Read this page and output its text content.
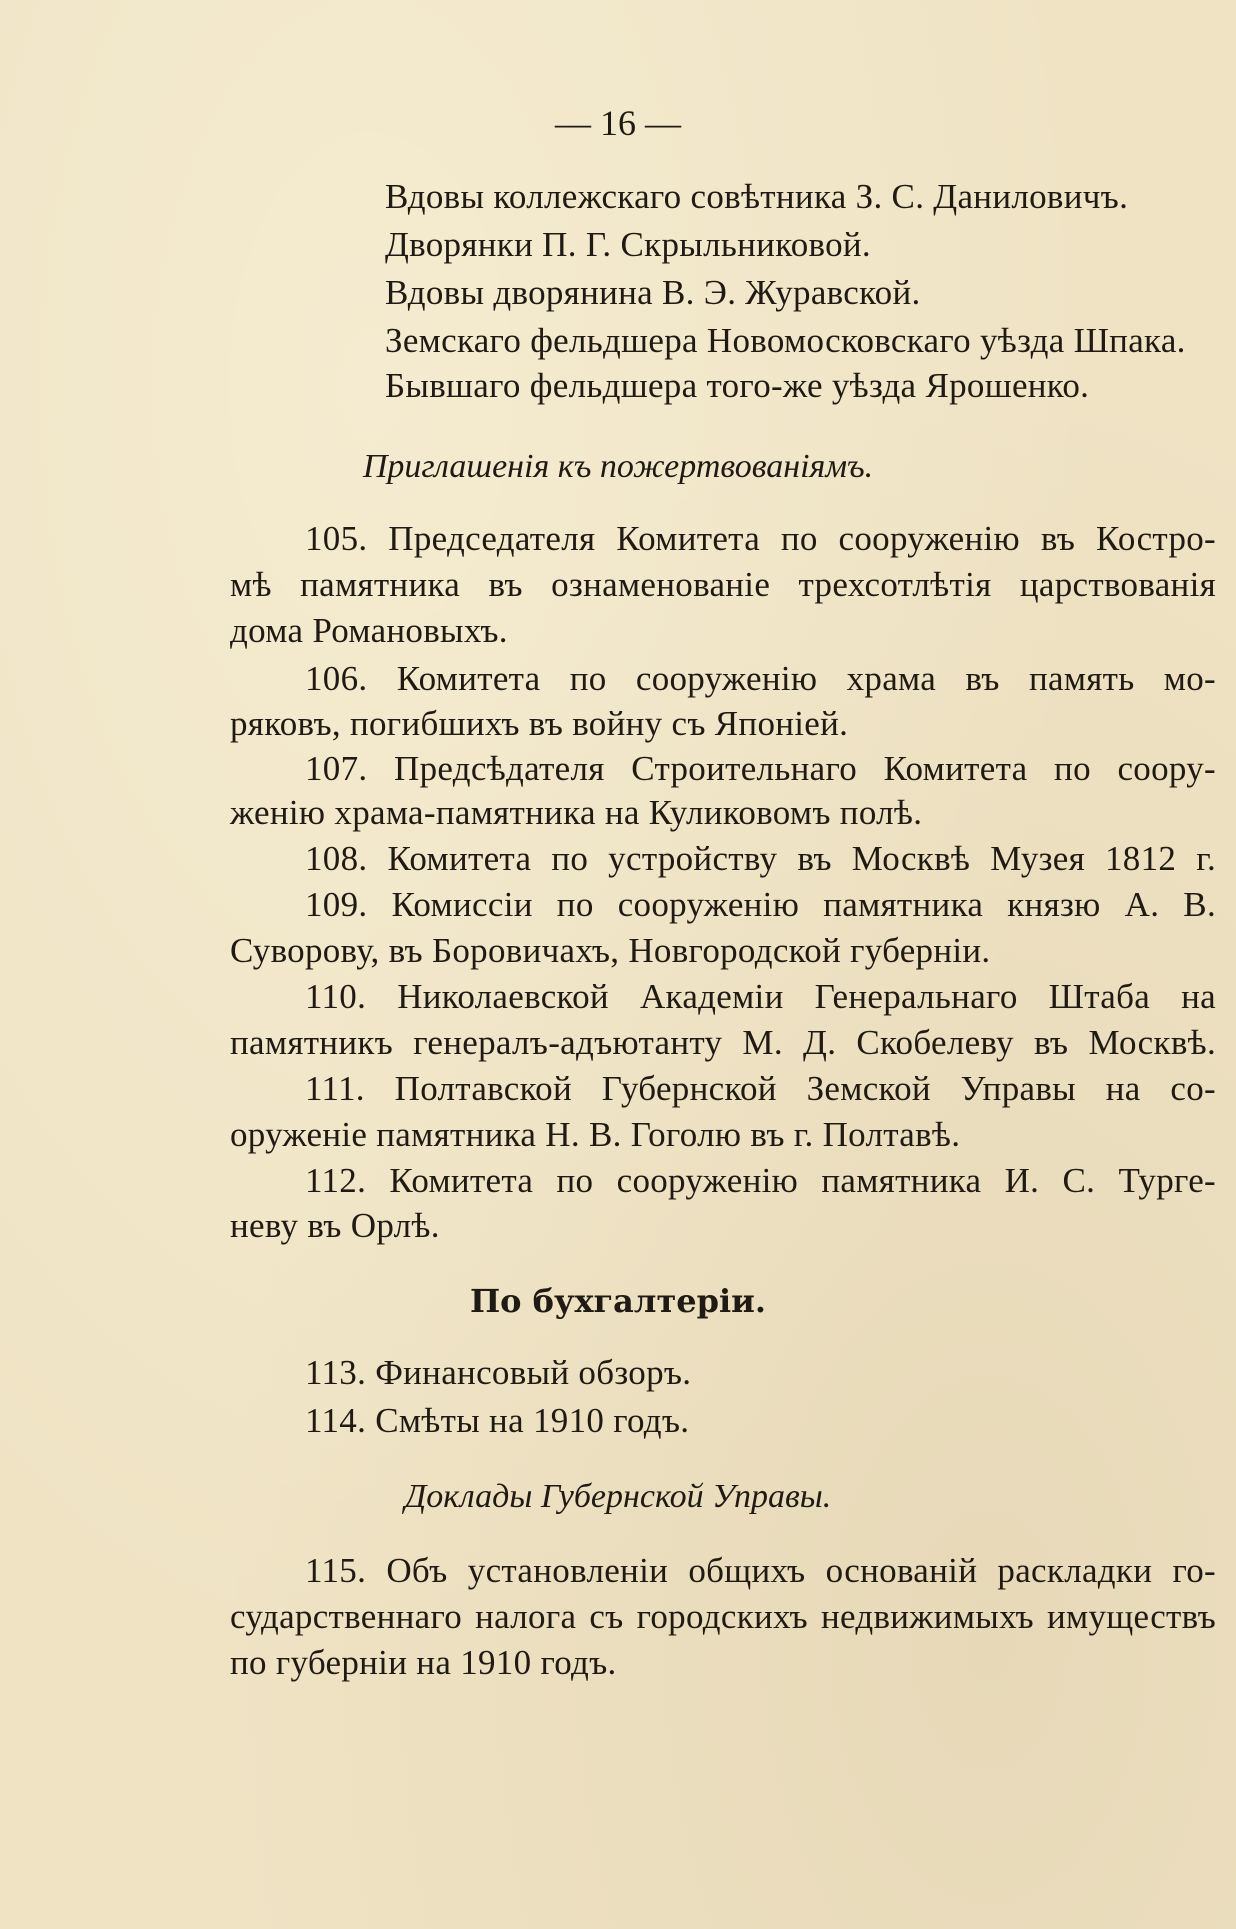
— 16 —
Вдовы коллежскаго совѣтника З. С. Даниловичъ.
Дворянки П. Г. Скрыльниковой.
Вдовы дворянина В. Э. Журавской.
Земскаго фельдшера Новомосковскаго уѣзда Шпака.
Бывшаго фельдшера того-же уѣзда Ярошенко.
Приглашенія къ пожертвованіямъ.
105. Председателя Комитета по сооруженію въ Костро-
мѣ памятника въ ознаменованіе трехсотлѣтія царствованія
дома Романовыхъ.
106. Комитета по сооруженію храма въ память мо-
ряковъ, погибшихъ въ войну съ Японіей.
107. Предсѣдателя Строительнаго Комитета по соору-
женію храма-памятника на Куликовомъ полѣ.
108. Комитета по устройству въ Москвѣ Музея 1812 г.
109. Комиссіи по сооруженію памятника князю А. В.
Суворову, въ Боровичахъ, Новгородской губерніи.
110. Николаевской Академіи Генеральнаго Штаба на
памятникъ генералъ-адъютанту М. Д. Скобелеву въ Москвѣ.
111. Полтавской Губернской Земской Управы на со-
оруженіе памятника Н. В. Гоголю въ г. Полтавѣ.
112. Комитета по сооруженію памятника И. С. Турге-
неву въ Орлѣ.
По бухгалтеріи.
113. Финансовый обзоръ.
114. Смѣты на 1910 годъ.
Доклады Губернской Управы.
115. Объ установленіи общихъ основаній раскладки го-
сударственнаго налога съ городскихъ недвижимыхъ имуществъ
по губерніи на 1910 годъ.
